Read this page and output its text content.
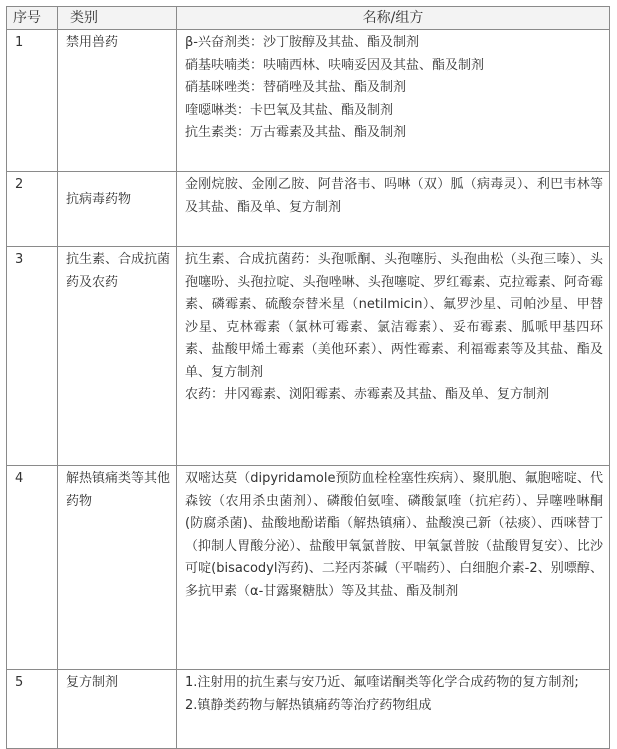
序号	类别	名称/组方
1	禁用兽药	β-兴奋剂类：沙丁胺醇及其盐、酯及制剂
硝基呋喃类：呋喃西林、呋喃妥因及其盐、酯及制剂
硝基咪唑类：替硝唑及其盐、酯及制剂
喹噁啉类：卡巴氧及其盐、酯及制剂
抗生素类：万古霉素及其盐、酯及制剂

2	抗病毒药物	金刚烷胺、金刚乙胺、阿昔洛韦、吗啉（双）胍（病毒灵）、利巴韦林等及其盐、酯及单、复方制剂

3	抗生素、合成抗菌药及农药	抗生素、合成抗菌药：头孢哌酮、头孢噻肟、头孢曲松（头孢三嗪）、头孢噻吩、头孢拉啶、头孢唑啉、头孢噻啶、罗红霉素、克拉霉素、阿奇霉素、磷霉素、硫酸奈替米星（netilmicin）、氟罗沙星、司帕沙星、甲替沙星、克林霉素（氯林可霉素、氯洁霉素）、妥布霉素、胍哌甲基四环素、盐酸甲烯土霉素（美他环素）、两性霉素、利福霉素等及其盐、酯及单、复方制剂
农药：井冈霉素、浏阳霉素、赤霉素及其盐、酯及单、复方制剂

4	解热镇痛类等其他药物	双嘧达莫（dipyridamole预防血栓栓塞性疾病）、聚肌胞、氟胞嘧啶、代森铵（农用杀虫菌剂）、磷酸伯氨喹、磷酸氯喹（抗疟药）、异噻唑啉酮(防腐杀菌)、盐酸地酚诺酯（解热镇痛）、盐酸溴己新（祛痰）、西咪替丁（抑制人胃酸分泌）、盐酸甲氧氯普胺、甲氧氯普胺（盐酸胃复安）、比沙可啶(bisacodyl泻药)、二羟丙茶碱（平喘药）、白细胞介素-2、别嘌醇、多抗甲素（α-甘露聚糖肽）等及其盐、酯及制剂

5	复方制剂	1.注射用的抗生素与安乃近、氟喹诺酮类等化学合成药物的复方制剂;
2.镇静类药物与解热镇痛药等治疗药物组成
